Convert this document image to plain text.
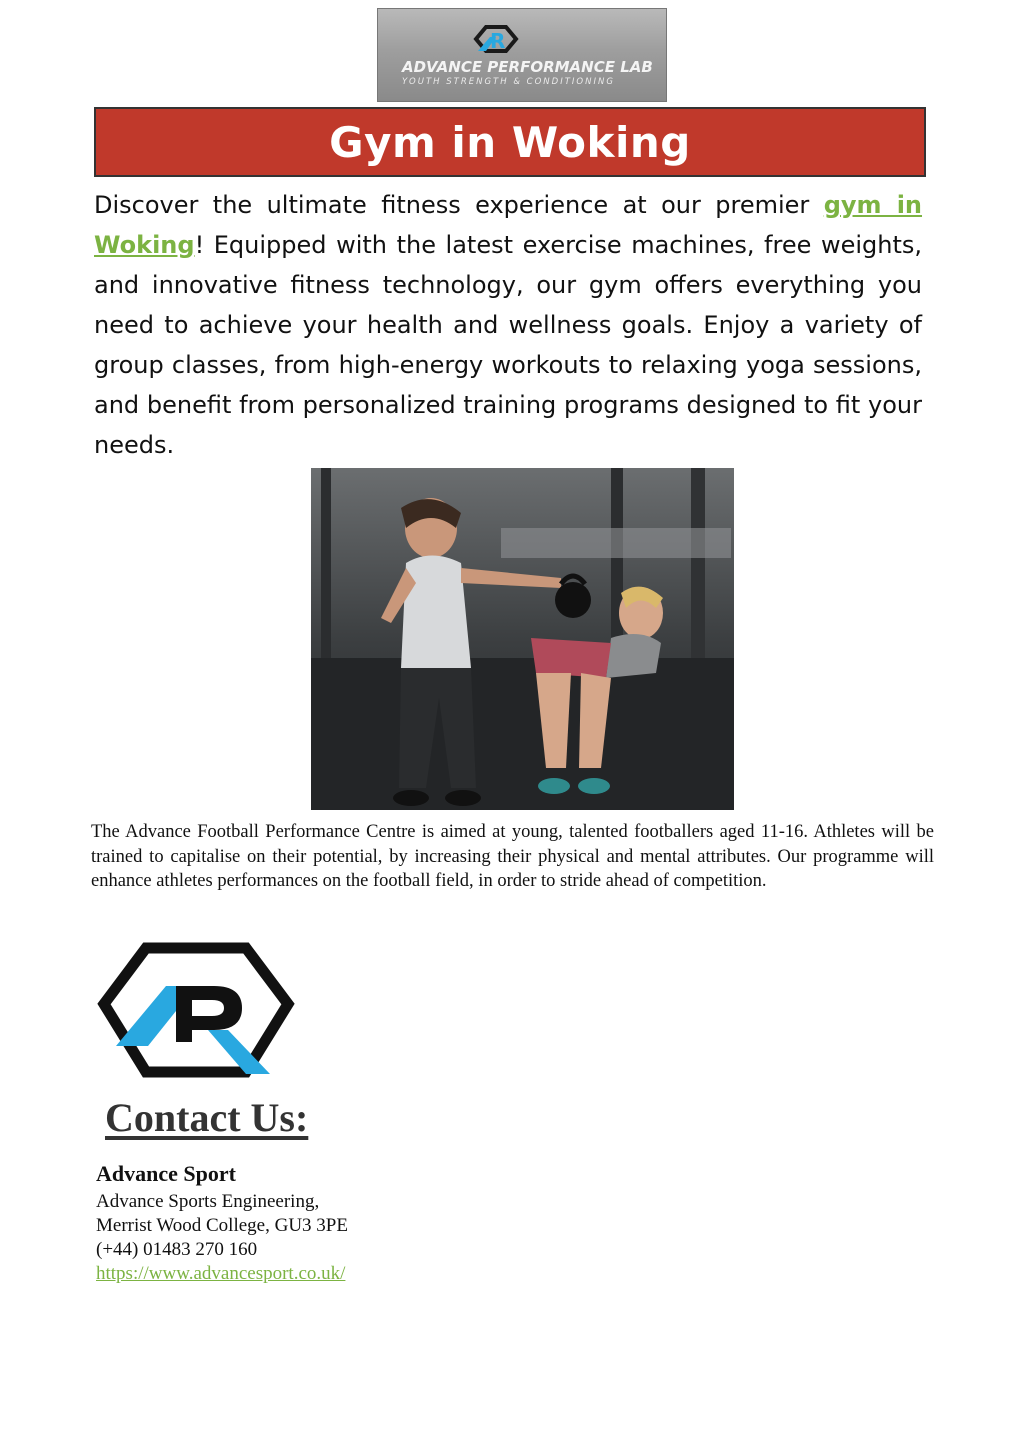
R
ADVANCE PERFORMANCE LAB
YOUTH STRENGTH & CONDITIONING
Gym in Woking

Discover the ultimate fitness experience at our premier gym in Woking! Equipped with the latest exercise machines, free weights, and innovative fitness technology, our gym offers everything you need to achieve your health and wellness goals. Enjoy a variety of group classes, from high-energy workouts to relaxing yoga sessions, and benefit from personalized training programs designed to fit your needs.

The Advance Football Performance Centre is aimed at young, talented footballers aged 11-16. Athletes will be trained to capitalise on their potential, by increasing their physical and mental attributes. Our programme will enhance athletes performances on the football field, in order to stride ahead of competition.

Contact Us:
Advance Sport
Advance Sports Engineering,
Merrist Wood College, GU3 3PE
(+44) 01483 270 160
https://www.advancesport.co.uk/
